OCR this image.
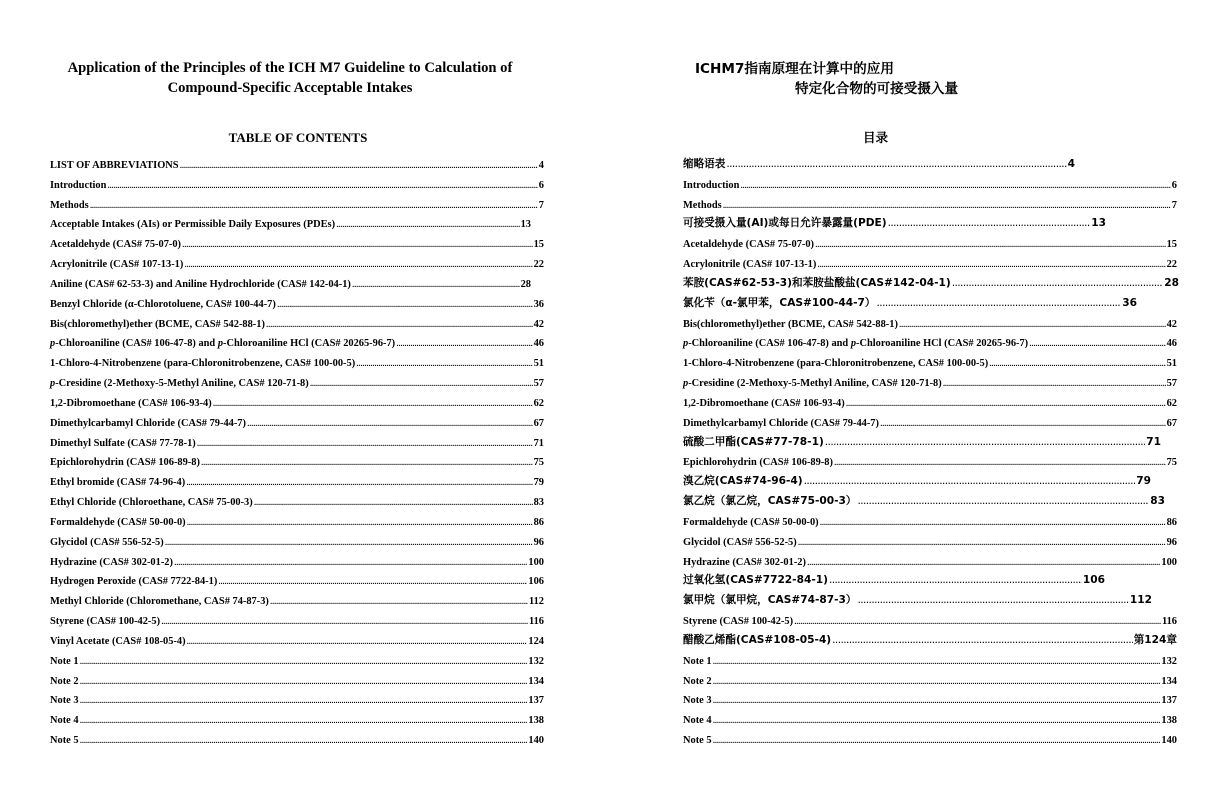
Application of the Principles of the ICH M7 Guideline to Calculation of
Compound-Specific Acceptable Intakes
TABLE OF CONTENTS
LIST OF ABBREVIATIONS .....	4
Introduction .....	6
Methods .....	7
Acceptable Intakes (AIs) or Permissible Daily Exposures (PDEs) .....	13
Acetaldehyde (CAS# 75-07-0) .....	15
Acrylonitrile (CAS# 107-13-1) .....	22
Aniline (CAS# 62-53-3) and Aniline Hydrochloride (CAS# 142-04-1) .....	28
Benzyl Chloride (α-Chlorotoluene, CAS# 100-44-7) .....	36
Bis(chloromethyl)ether (BCME, CAS# 542-88-1) .....	42
p-Chloroaniline (CAS# 106-47-8) and p-Chloroaniline HCl (CAS# 20265-96-7) .....	46
1-Chloro-4-Nitrobenzene (para-Chloronitrobenzene, CAS# 100-00-5) .....	51
p-Cresidine (2-Methoxy-5-Methyl Aniline, CAS# 120-71-8) .....	57
1,2-Dibromoethane (CAS# 106-93-4) .....	62
Dimethylcarbamyl Chloride (CAS# 79-44-7) .....	67
Dimethyl Sulfate (CAS# 77-78-1) .....	71
Epichlorohydrin (CAS# 106-89-8) .....	75
Ethyl bromide (CAS# 74-96-4) .....	79
Ethyl Chloride (Chloroethane, CAS# 75-00-3) .....	83
Formaldehyde (CAS# 50-00-0) .....	86
Glycidol (CAS# 556-52-5) .....	96
Hydrazine (CAS# 302-01-2) .....	100
Hydrogen Peroxide (CAS# 7722-84-1) .....	106
Methyl Chloride (Chloromethane, CAS# 74-87-3) .....	112
Styrene (CAS# 100-42-5) .....	116
Vinyl Acetate (CAS# 108-05-4) .....	124
Note 1 .....	132
Note 2 .....	134
Note 3 .....	137
Note 4 .....	138
Note 5 .....	140
ICHM7指南原理在计算中的应用
特定化合物的可接受摄入量
目录
缩略语表 .....	4
Introduction .....	6
Methods .....	7
可接受摄入量(AI)或每日允许暴露量(PDE) .....	13
Acetaldehyde (CAS# 75-07-0) .....	15
Acrylonitrile (CAS# 107-13-1) .....	22
苯胺(CAS#62-53-3)和苯胺盐酸盐(CAS#142-04-1) .....	28
氯化苄（α-氯甲苯，CAS#100-44-7） .....	36
Bis(chloromethyl)ether (BCME, CAS# 542-88-1) .....	42
p-Chloroaniline (CAS# 106-47-8) and p-Chloroaniline HCl (CAS# 20265-96-7) .....	46
1-Chloro-4-Nitrobenzene (para-Chloronitrobenzene, CAS# 100-00-5) .....	51
p-Cresidine (2-Methoxy-5-Methyl Aniline, CAS# 120-71-8) .....	57
1,2-Dibromoethane (CAS# 106-93-4) .....	62
Dimethylcarbamyl Chloride (CAS# 79-44-7) .....	67
硫酸二甲酯(CAS#77-78-1) .....	71
Epichlorohydrin (CAS# 106-89-8) .....	75
溴乙烷(CAS#74-96-4) .....	79
氯乙烷（氯乙烷，CAS#75-00-3） .....	83
Formaldehyde (CAS# 50-00-0) .....	86
Glycidol (CAS# 556-52-5) .....	96
Hydrazine (CAS# 302-01-2) .....	100
过氧化氢(CAS#7722-84-1) .....	106
氯甲烷（氯甲烷，CAS#74-87-3） .....	112
Styrene (CAS# 100-42-5) .....	116
醋酸乙烯酯(CAS#108-05-4) .....	第124章
Note 1 .....	132
Note 2 .....	134
Note 3 .....	137
Note 4 .....	138
Note 5 .....	140
